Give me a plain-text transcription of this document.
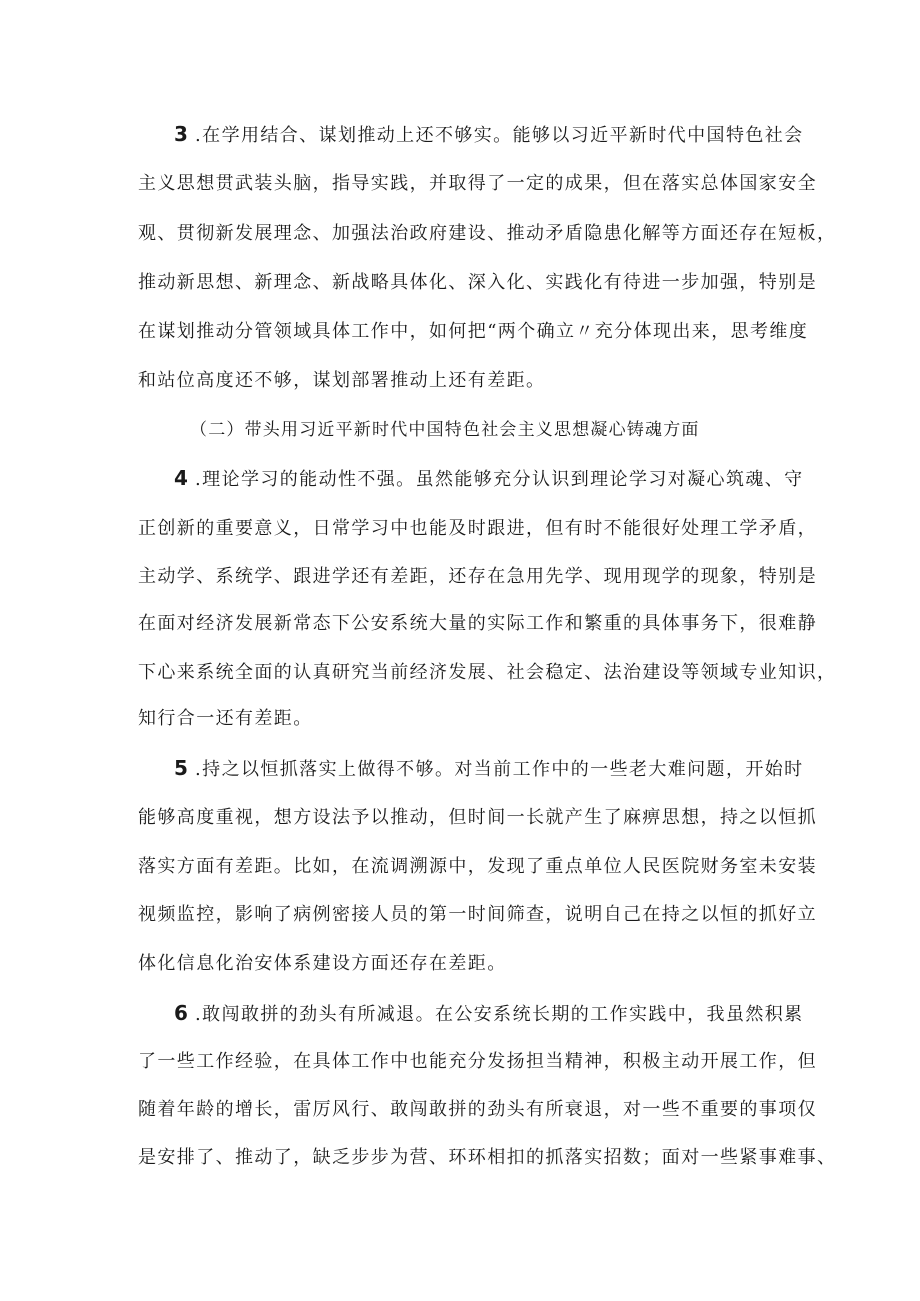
3 .在学用结合、谋划推动上还不够实。能够以习近平新时代中国特色社会
主义思想贯武装头脑，指导实践，并取得了一定的成果，但在落实总体国家安全
观、贯彻新发展理念、加强法治政府建设、推动矛盾隐患化解等方面还存在短板，
推动新思想、新理念、新战略具体化、深入化、实践化有待进一步加强，特别是
在谋划推动分管领域具体工作中，如何把“两个确立〃充分体现出来，思考维度
和站位高度还不够，谋划部署推动上还有差距。
（二）带头用习近平新时代中国特色社会主义思想凝心铸魂方面
4 .理论学习的能动性不强。虽然能够充分认识到理论学习对凝心筑魂、守
正创新的重要意义，日常学习中也能及时跟进，但有时不能很好处理工学矛盾，
主动学、系统学、跟进学还有差距，还存在急用先学、现用现学的现象，特别是
在面对经济发展新常态下公安系统大量的实际工作和繁重的具体事务下，很难静
下心来系统全面的认真研究当前经济发展、社会稳定、法治建设等领域专业知识，
知行合一还有差距。
5 .持之以恒抓落实上做得不够。对当前工作中的一些老大难问题，开始时
能够高度重视，想方设法予以推动，但时间一长就产生了麻痹思想，持之以恒抓
落实方面有差距。比如，在流调溯源中，发现了重点单位人民医院财务室未安装
视频监控，影响了病例密接人员的第一时间筛查，说明自己在持之以恒的抓好立
体化信息化治安体系建设方面还存在差距。
6 .敢闯敢拼的劲头有所减退。在公安系统长期的工作实践中，我虽然积累
了一些工作经验，在具体工作中也能充分发扬担当精神，积极主动开展工作，但
随着年龄的增长，雷厉风行、敢闯敢拼的劲头有所衰退，对一些不重要的事项仅
是安排了、推动了，缺乏步步为营、环环相扣的抓落实招数；面对一些紧事难事、
